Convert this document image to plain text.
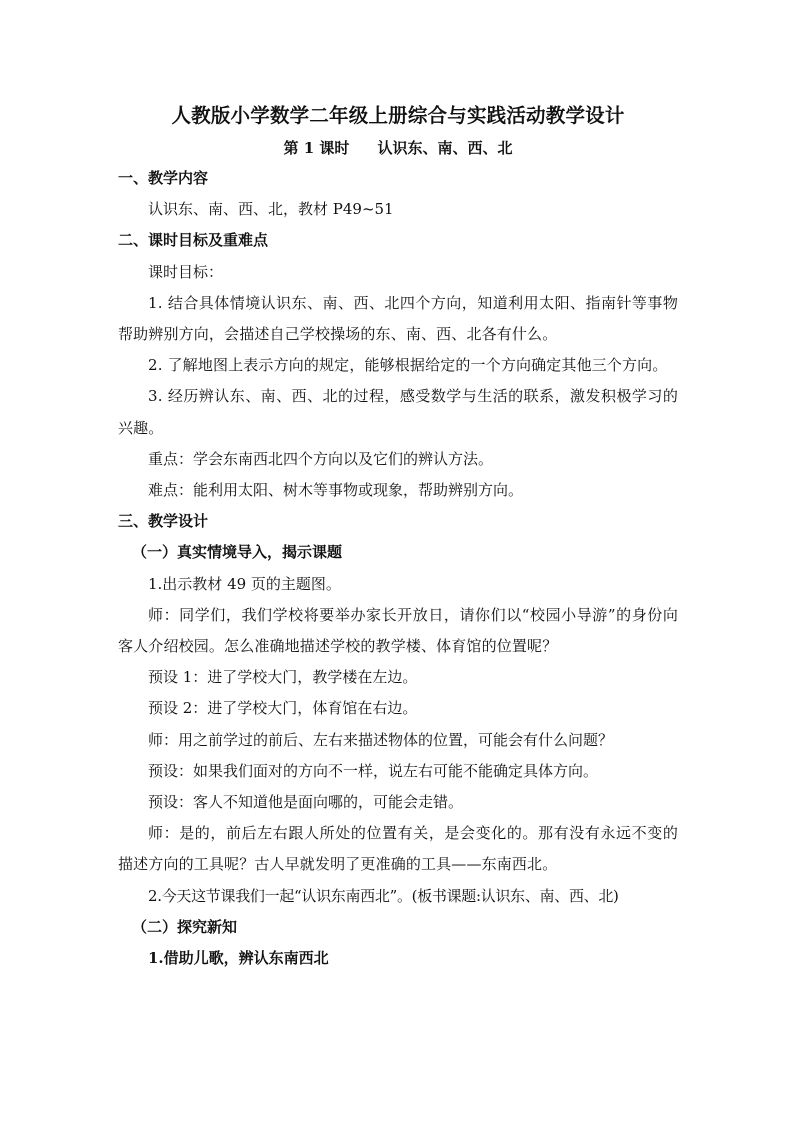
人教版小学数学二年级上册综合与实践活动教学设计

第 1 课时 认识东、南、西、北

一、教学内容

认识东、南、西、北，教材 P49~51

二、课时目标及重难点

课时目标：

1. 结合具体情境认识东、南、西、北四个方向，知道利用太阳、指南针等事物帮助辨别方向，会描述自己学校操场的东、南、西、北各有什么。

2. 了解地图上表示方向的规定，能够根据给定的一个方向确定其他三个方向。

3. 经历辨认东、南、西、北的过程，感受数学与生活的联系，激发积极学习的兴趣。

重点：学会东南西北四个方向以及它们的辨认方法。

难点：能利用太阳、树木等事物或现象，帮助辨别方向。

三、教学设计

（一）真实情境导入，揭示课题

1.出示教材 49 页的主题图。

师：同学们，我们学校将要举办家长开放日，请你们以“校园小导游”的身份向客人介绍校园。怎么准确地描述学校的教学楼、体育馆的位置呢？

预设 1：进了学校大门，教学楼在左边。

预设 2：进了学校大门，体育馆在右边。

师：用之前学过的前后、左右来描述物体的位置，可能会有什么问题？

预设：如果我们面对的方向不一样，说左右可能不能确定具体方向。

预设：客人不知道他是面向哪的，可能会走错。

师：是的，前后左右跟人所处的位置有关，是会变化的。那有没有永远不变的描述方向的工具呢？古人早就发明了更准确的工具——东南西北。

2.今天这节课我们一起“认识东南西北”。(板书课题:认识东、南、西、北)

（二）探究新知

1.借助儿歌，辨认东南西北
